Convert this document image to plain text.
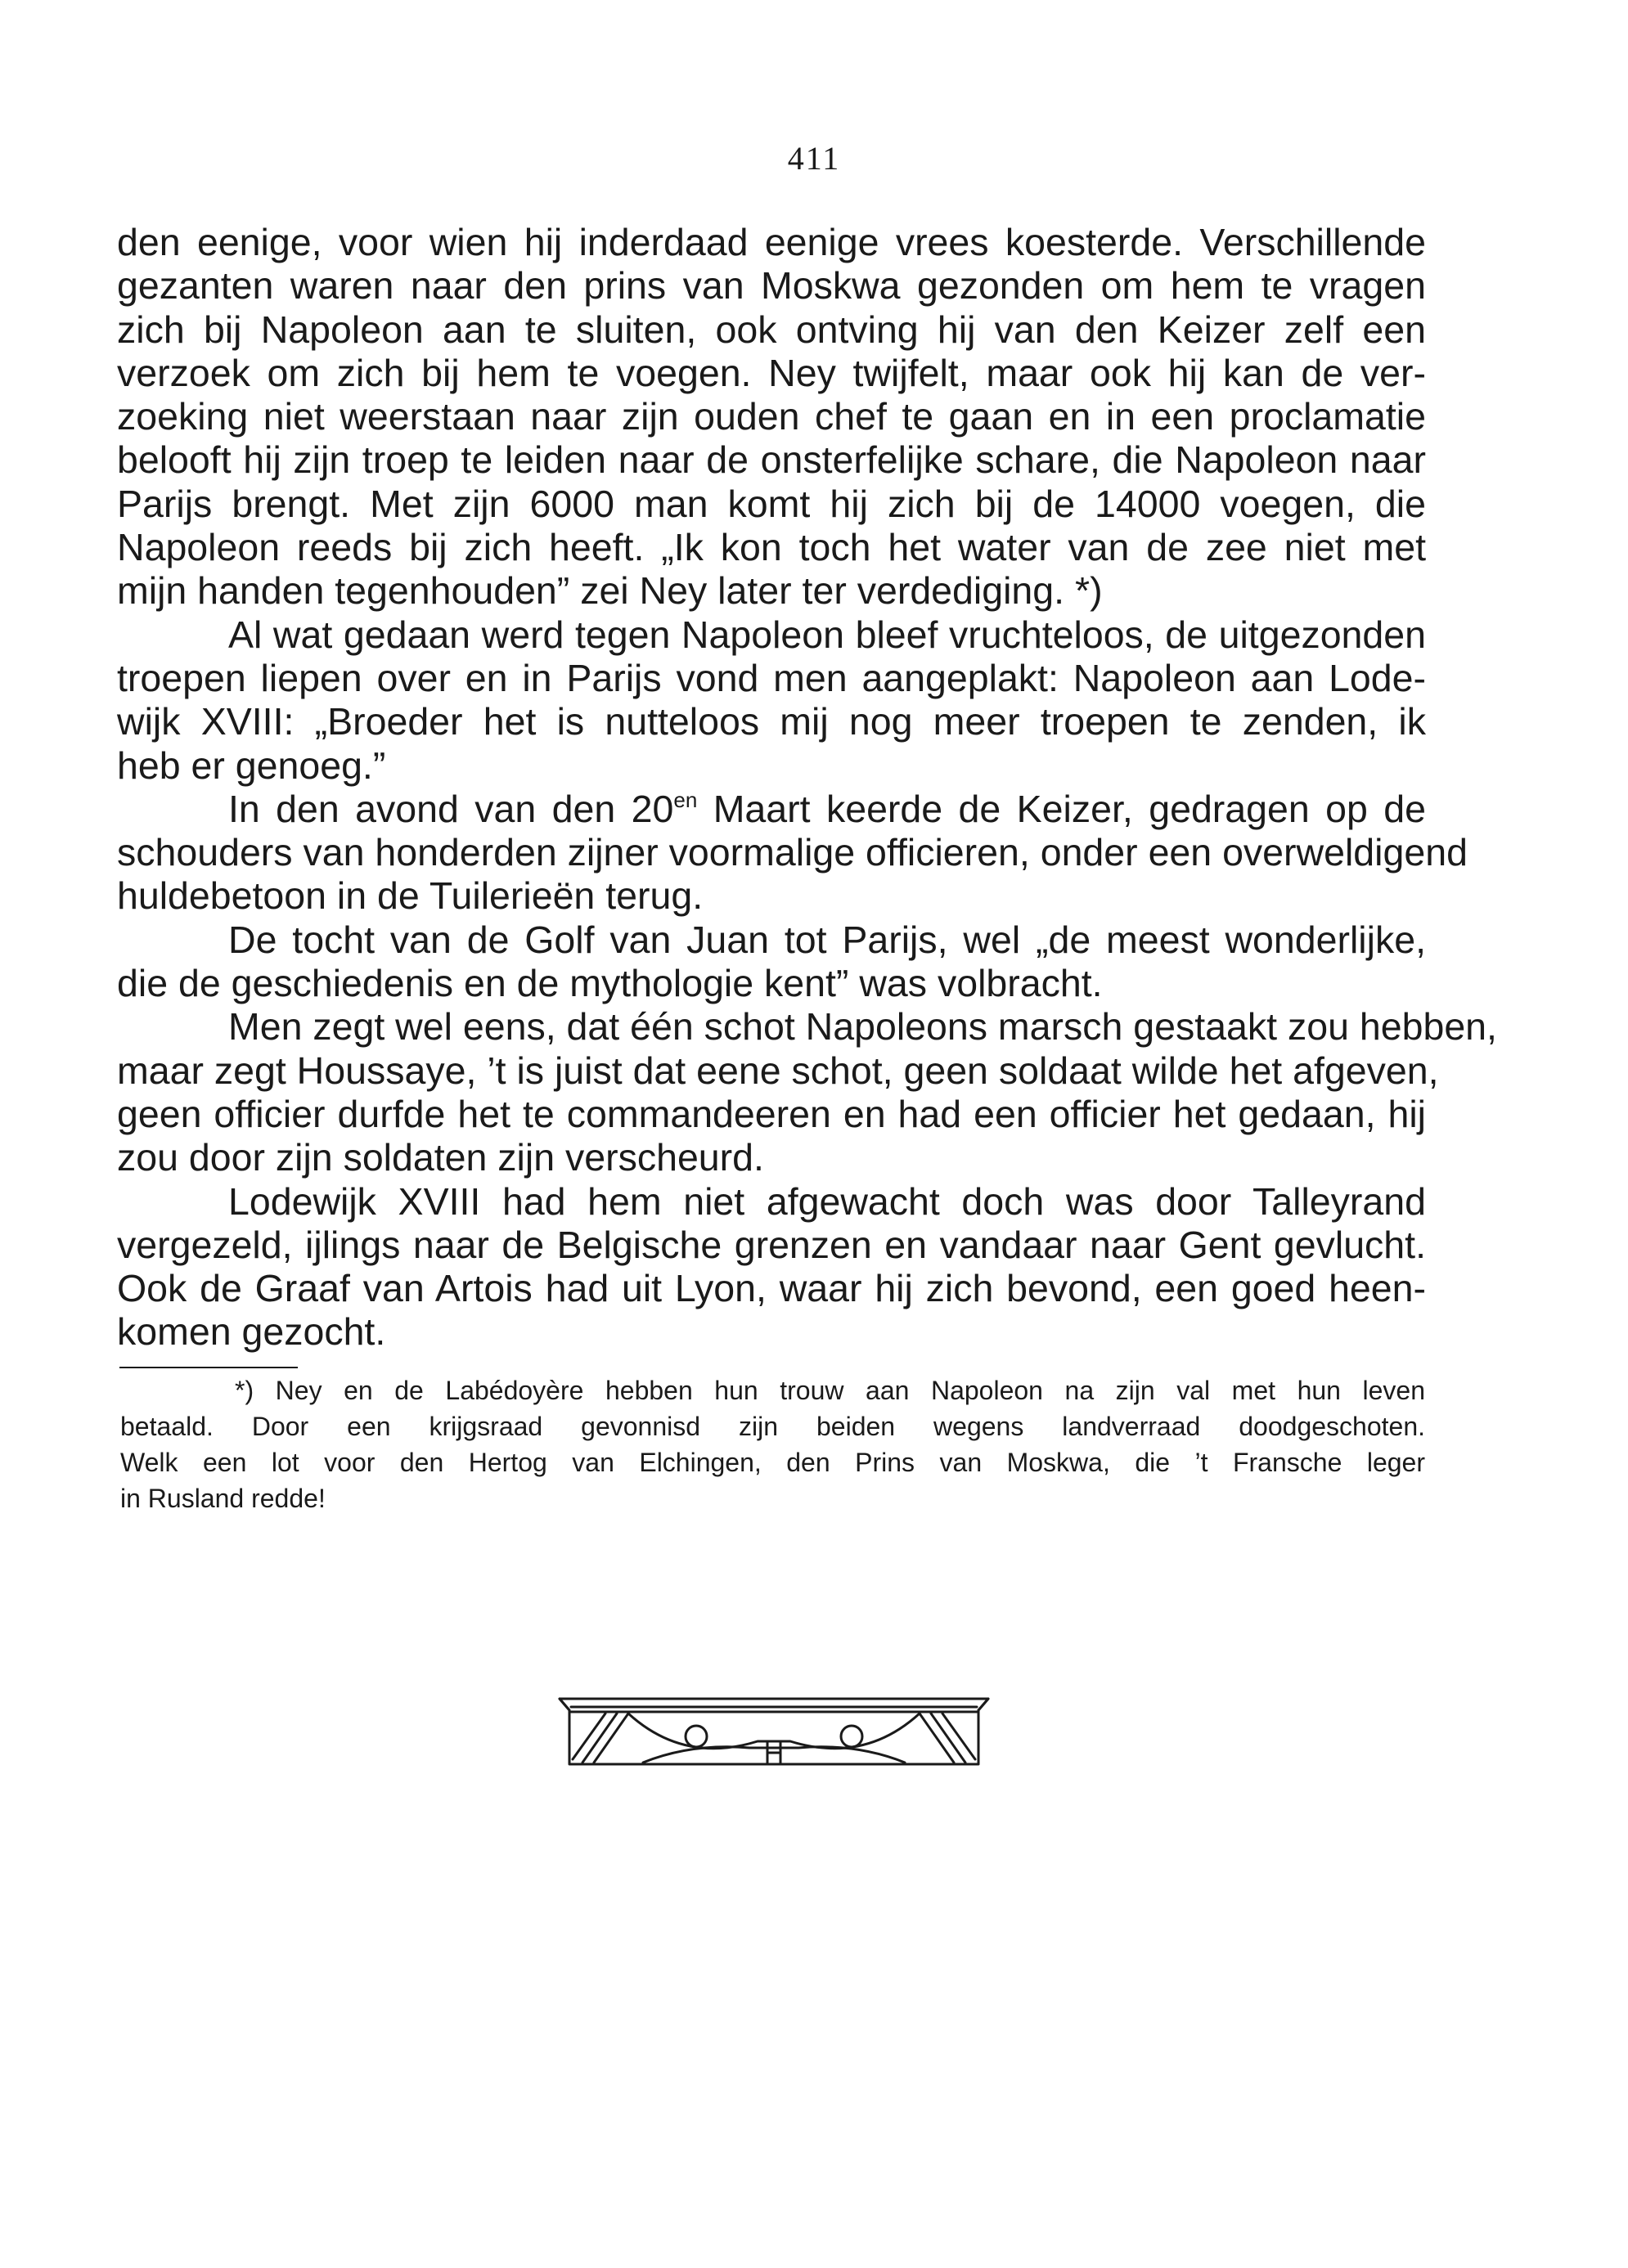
411
den eenige, voor wien hij inderdaad eenige vrees koesterde. Verschillende
gezanten waren naar den prins van Moskwa gezonden om hem te vragen
zich bij Napoleon aan te sluiten, ook ontving hij van den Keizer zelf een
verzoek om zich bij hem te voegen. Ney twijfelt, maar ook hij kan de ver-
zoeking niet weerstaan naar zijn ouden chef te gaan en in een proclamatie
belooft hij zijn troep te leiden naar de onsterfelijke schare, die Napoleon naar
Parijs brengt. Met zijn 6000 man komt hij zich bij de 14000 voegen, die
Napoleon reeds bij zich heeft. „Ik kon toch het water van de zee niet met
mijn handen tegenhouden” zei Ney later ter verdediging. *)
Al wat gedaan werd tegen Napoleon bleef vruchteloos, de uitgezonden
troepen liepen over en in Parijs vond men aangeplakt: Napoleon aan Lode-
wijk XVIII: „Broeder het is nutteloos mij nog meer troepen te zenden, ik
heb er genoeg.”
In den avond van den $20^{en}$ Maart keerde de Keizer, gedragen op de
schouders van honderden zijner voormalige officieren, onder een overweldigend
huldebetoon in de Tuilerieën terug.
De tocht van de Golf van Juan tot Parijs, wel „de meest wonderlijke,
die de geschiedenis en de mythologie kent” was volbracht.
Men zegt wel eens, dat één schot Napoleons marsch gestaakt zou hebben,
maar zegt Houssaye, ’t is juist dat eene schot, geen soldaat wilde het afgeven,
geen officier durfde het te commandeeren en had een officier het gedaan, hij
zou door zijn soldaten zijn verscheurd.
Lodewijk XVIII had hem niet afgewacht doch was door Talleyrand
vergezeld, ijlings naar de Belgische grenzen en vandaar naar Gent gevlucht.
Ook de Graaf van Artois had uit Lyon, waar hij zich bevond, een goed heen-
komen gezocht.
*) Ney en de Labédoyère hebben hun trouw aan Napoleon na zijn val met hun leven
betaald. Door een krijgsraad gevonnisd zijn beiden wegens landverraad doodgeschoten.
Welk een lot voor den Hertog van Elchingen, den Prins van Moskwa, die ’t Fransche leger
in Rusland redde!
